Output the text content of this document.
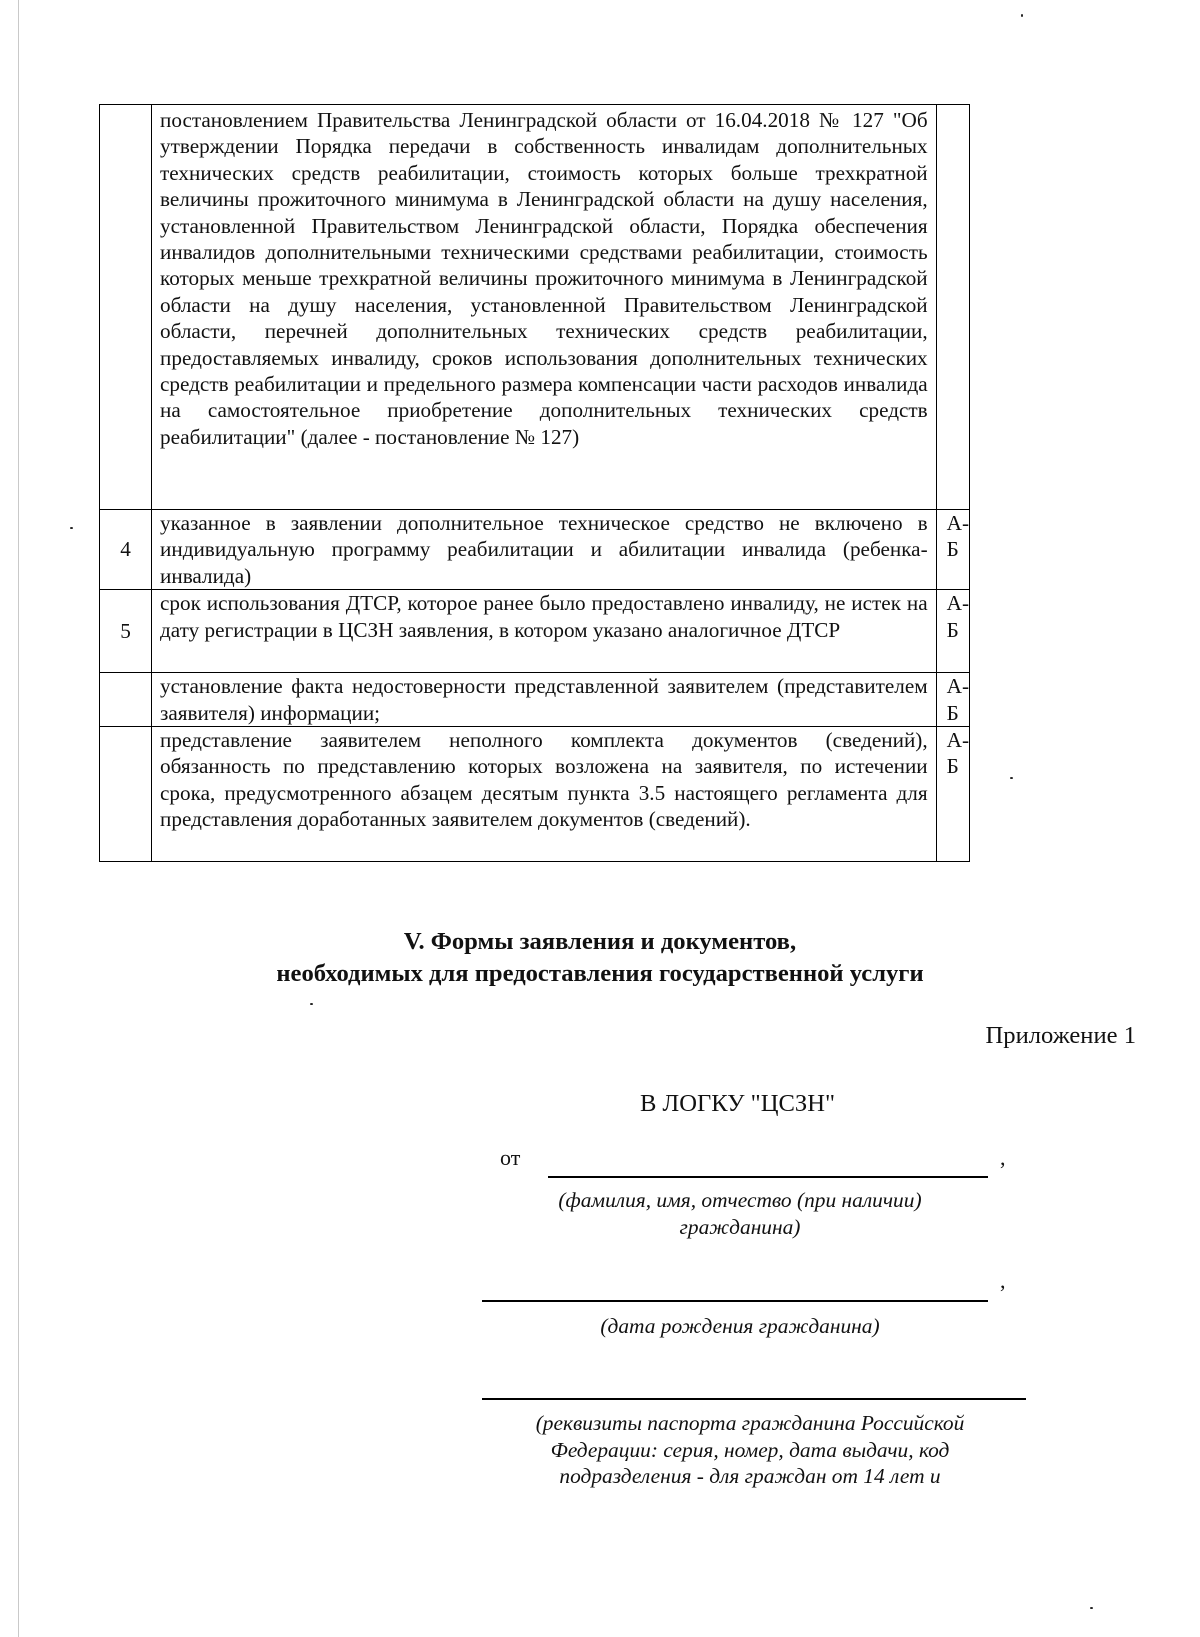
	постановлением Правительства Ленинградской области от 16.04.2018 № 127 "Об утверждении Порядка передачи в собственность инвалидам дополнительных технических средств реабилитации, стоимость которых больше трехкратной величины прожиточного минимума в Ленинградской области на душу населения, установленной Правительством Ленинградской области, Порядка обеспечения инвалидов дополнительными техническими средствами реабилитации, стоимость которых меньше трехкратной величины прожиточного минимума в Ленинградской области на душу населения, установленной Правительством Ленинградской области, перечней дополнительных технических средств реабилитации, предоставляемых инвалиду, сроков использования дополнительных технических средств реабилитации и предельного размера компенсации части расходов инвалида на самостоятельное приобретение дополнительных технических средств реабилитации" (далее - постановление № 127)	
4	указанное в заявлении дополнительное техническое средство не включено в индивидуальную программу реабилитации и абилитации инвалида (ребенка-инвалида)	А-Б
5	срок использования ДТСР, которое ранее было предоставлено инвалиду, не истек на дату регистрации в ЦСЗН заявления, в котором указано аналогичное ДТСР	А-Б
	установление факта недостоверности представленной заявителем (представителем заявителя) информации;	А-Б
	представление заявителем неполного комплекта документов (сведений), обязанность по представлению которых возложена на заявителя, по истечении срока, предусмотренного абзацем десятым пункта 3.5 настоящего регламента для представления доработанных заявителем документов (сведений).	А-Б
V. Формы заявления и документов,
необходимых для предоставления государственной услуги
Приложение 1
В ЛОГКУ "ЦСЗН"
от	,
(фамилия, имя, отчество (при наличии)
гражданина)
,
(дата рождения гражданина)
(реквизиты паспорта гражданина Российской
Федерации: серия, номер, дата выдачи, код
подразделения - для граждан от 14 лет и
